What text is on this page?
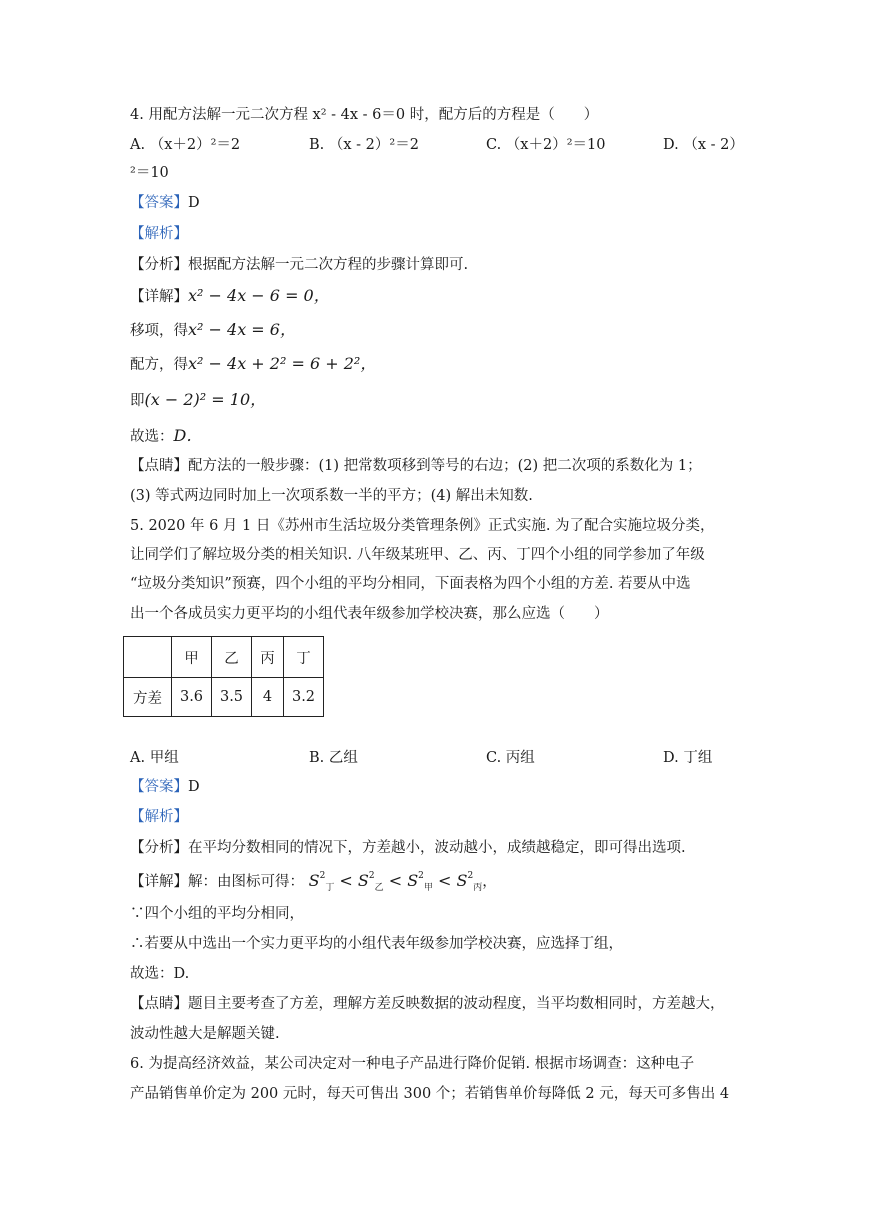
4. 用配方法解一元二次方程 x² - 4x - 6＝0 时，配方后的方程是（　　）
A. （x＋2）²＝2	B. （x - 2）²＝2	C. （x＋2）²＝10	D. （x - 2）
²＝10
【答案】D
【解析】
【分析】根据配方法解一元二次方程的步骤计算即可.
【详解】x² − 4x − 6 = 0，
移项，得x² − 4x = 6，
配方，得x² − 4x + 2² = 6 + 2²，
即(x − 2)² = 10，
故选：D．
【点睛】配方法的一般步骤：(1) 把常数项移到等号的右边；(2) 把二次项的系数化为 1；
(3) 等式两边同时加上一次项系数一半的平方；(4) 解出未知数.
5. 2020 年 6 月 1 日《苏州市生活垃圾分类管理条例》正式实施. 为了配合实施垃圾分类，
让同学们了解垃圾分类的相关知识. 八年级某班甲、乙、丙、丁四个小组的同学参加了年级
“垃圾分类知识”预赛，四个小组的平均分相同，下面表格为四个小组的方差. 若要从中选
出一个各成员实力更平均的小组代表年级参加学校决赛，那么应选（　　）
	甲	乙	丙	丁
方差	3.6	3.5	4	3.2
A. 甲组	B. 乙组	C. 丙组	D. 丁组
【答案】D
【解析】
【分析】在平均分数相同的情况下，方差越小，波动越小，成绩越稳定，即可得出选项.
【详解】解：由图标可得： $S^2_丁 < S^2_乙 < S^2_甲 < S^2_丙$，
∵四个小组的平均分相同，
∴若要从中选出一个实力更平均的小组代表年级参加学校决赛，应选择丁组，
故选：D.
【点睛】题目主要考查了方差，理解方差反映数据的波动程度，当平均数相同时，方差越大，
波动性越大是解题关键.
6. 为提高经济效益，某公司决定对一种电子产品进行降价促销. 根据市场调查：这种电子
产品销售单价定为 200 元时，每天可售出 300 个；若销售单价每降低 2 元，每天可多售出 4
